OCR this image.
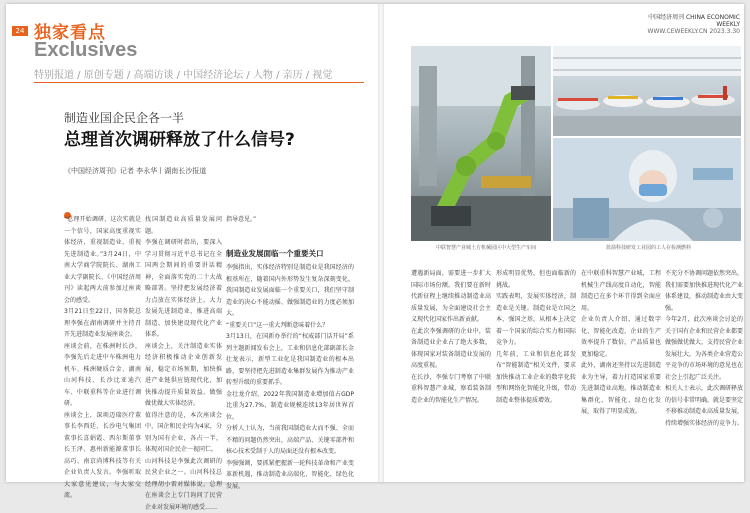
24 独家看点
Exclusives
特别报道 / 原创专题 / 高端访谈 / 中国经济论坛 / 人物 / 亲历 / 视觉
制造业国企民企各一半
总理首次调研释放了什么信号?
《中国经济周刊》记者 李永华丨湖南长沙报道
“总理开始调研，这次实就是一个信号，国家高度重视实体经济，重视制造业，重视先进制造业。”3月24日，中南大学商学院院长、湖南工业大学副院长、《中国经济周刊》读起两大前参加过座谈会的感受。
3月21日至22日，国务院总理李强在湖南调研并主持召开先进制造业发展座谈会。
座谈会前，在株洲时长沙，李强先后走进中车株洲电力机车、株洲硬质合金、湖南山河科技、长沙比亚迪汽车、中联重科等企业进行调研。
座谈会上，深圳迈瑞医疗董事长李西廷、长沙电气集团董事长喜娟霞、西尔斯董事长王泽、惠州新能源董事长高巧、南京尚博科技等有关企业负责人发言。李强听取大家意见建议，与大家交流。
找国制造业高质量发展问题。
李强在调研时指出，要深入学习贯彻习近平总书记在全国两会期间的重要讲话精神，全面落实党的二十大战略部署。坚持把发展经济着力点放在实体经济上，大力发展先进制造业，推进高端制造、加快建设现代化产业体系。
座谈会上，关注制造业实体经济积极推动企业创新发展，稳定市场预期，加快推进产业链供应链现代化，加快推动提升质量效益，做强做优做大实体经济。
值得注意的是，本次座谈会中，国企和民企均为4家，分别为国有企业，各占一半，体现对国企民企一视同仁。
山河科技是李强此次调研的民营企业之一。山河科技总经理胡小雷对媒体说，总理在座谈会上专门询问了民营企业对发展环境的感受……
指导意见。”
制造业发展面临一个重要关口
李强指出，实体经济特别是制造业是我国经济的根基所在，随着国内外形势发生复杂深刻变化，我国制造业发展面临一个重要关口，我们坚守制造业的决心不能动摇、做强制造业的力度必须加大。
“重要关口”这一重大判断意味着什么？
3月13日，在国新办举行的“权威部门话开局”系列主题新闻发布会上，工业和信息化部副部长金壮龙表示，新型工业化是我国制造业的根本出路，要坚持把先进制造业集群发展作为推动产业转型升级的重要抓手。
金壮龙介绍，2022年我国制造业增加值占GDP比重为27.7%，制造业规模连续13年居世界首位。
分析人士认为，当前我国制造业大而不强、全而不精的问题仍然突出，高端产品、关键零部件和核心技术受制于人的局面还没有根本改变。
李强强调，要抓紧把握新一轮科技革命和产业变革新机遇，推动制造业高端化、智能化、绿色化发展。
中国经济周刊 CHINA ECONOMIC WEEKLY
WWW.CEWEEKLY.CN 2023.3.30
中联智慧产业城土方机械园区中大型生产车间	蓝箭科技研发工业园的工人在检测燃料
遭遇新局面，需要进一步扩大国际市场份额。我们要在新时代新征程上继续推动制造业高质量发展，为全面建设社会主义现代化国家作出新贡献。
在此次李强调研的企业中，装备制造业企业占了绝大多数，体现国家对装备制造业发展的高度重视。
在长沙，李强专门考察了中联重科智慧产业城，察看装备制造企业的智能化生产情况。
形成明显优势，但也面临新的挑战。
实践表明，发展实体经济，制造业是关键。制造业是立国之本、强国之基，从根本上决定着一个国家的综合实力和国际竞争力。
几年前，工业和信息化部发布“智能制造”相关文件，要求加快推动工业企业的数字化转型和网络化智能化升级，带动制造业整体提质增效。
在中联重科智慧产业城，工程机械生产线高度自动化，智能制造已在多个环节得到全面应用。
企业负责人介绍，通过数字化、智能化改造，企业的生产效率提升了数倍，产品质量也更加稳定。
此外，湖南还坚持以先进制造业为主导，着力打造国家重要先进制造业高地，推动制造业集群化、智能化、绿色化发展，取得了明显成效。
不充分不协调问题依然突出，我们需要加快推进现代化产业体系建设，推动制造业由大变强。
今年2月，此次座谈会讨论的关于国有企业和民营企业都要做强做优做大，支持民营企业发展壮大，为各类企业营造公平竞争的市场环境的意见也在社会上引起广泛关注。
相关人士表示，此次调研释放的信号非常明确，就是要坚定不移推动制造业高质量发展，持续增强实体经济的竞争力。
